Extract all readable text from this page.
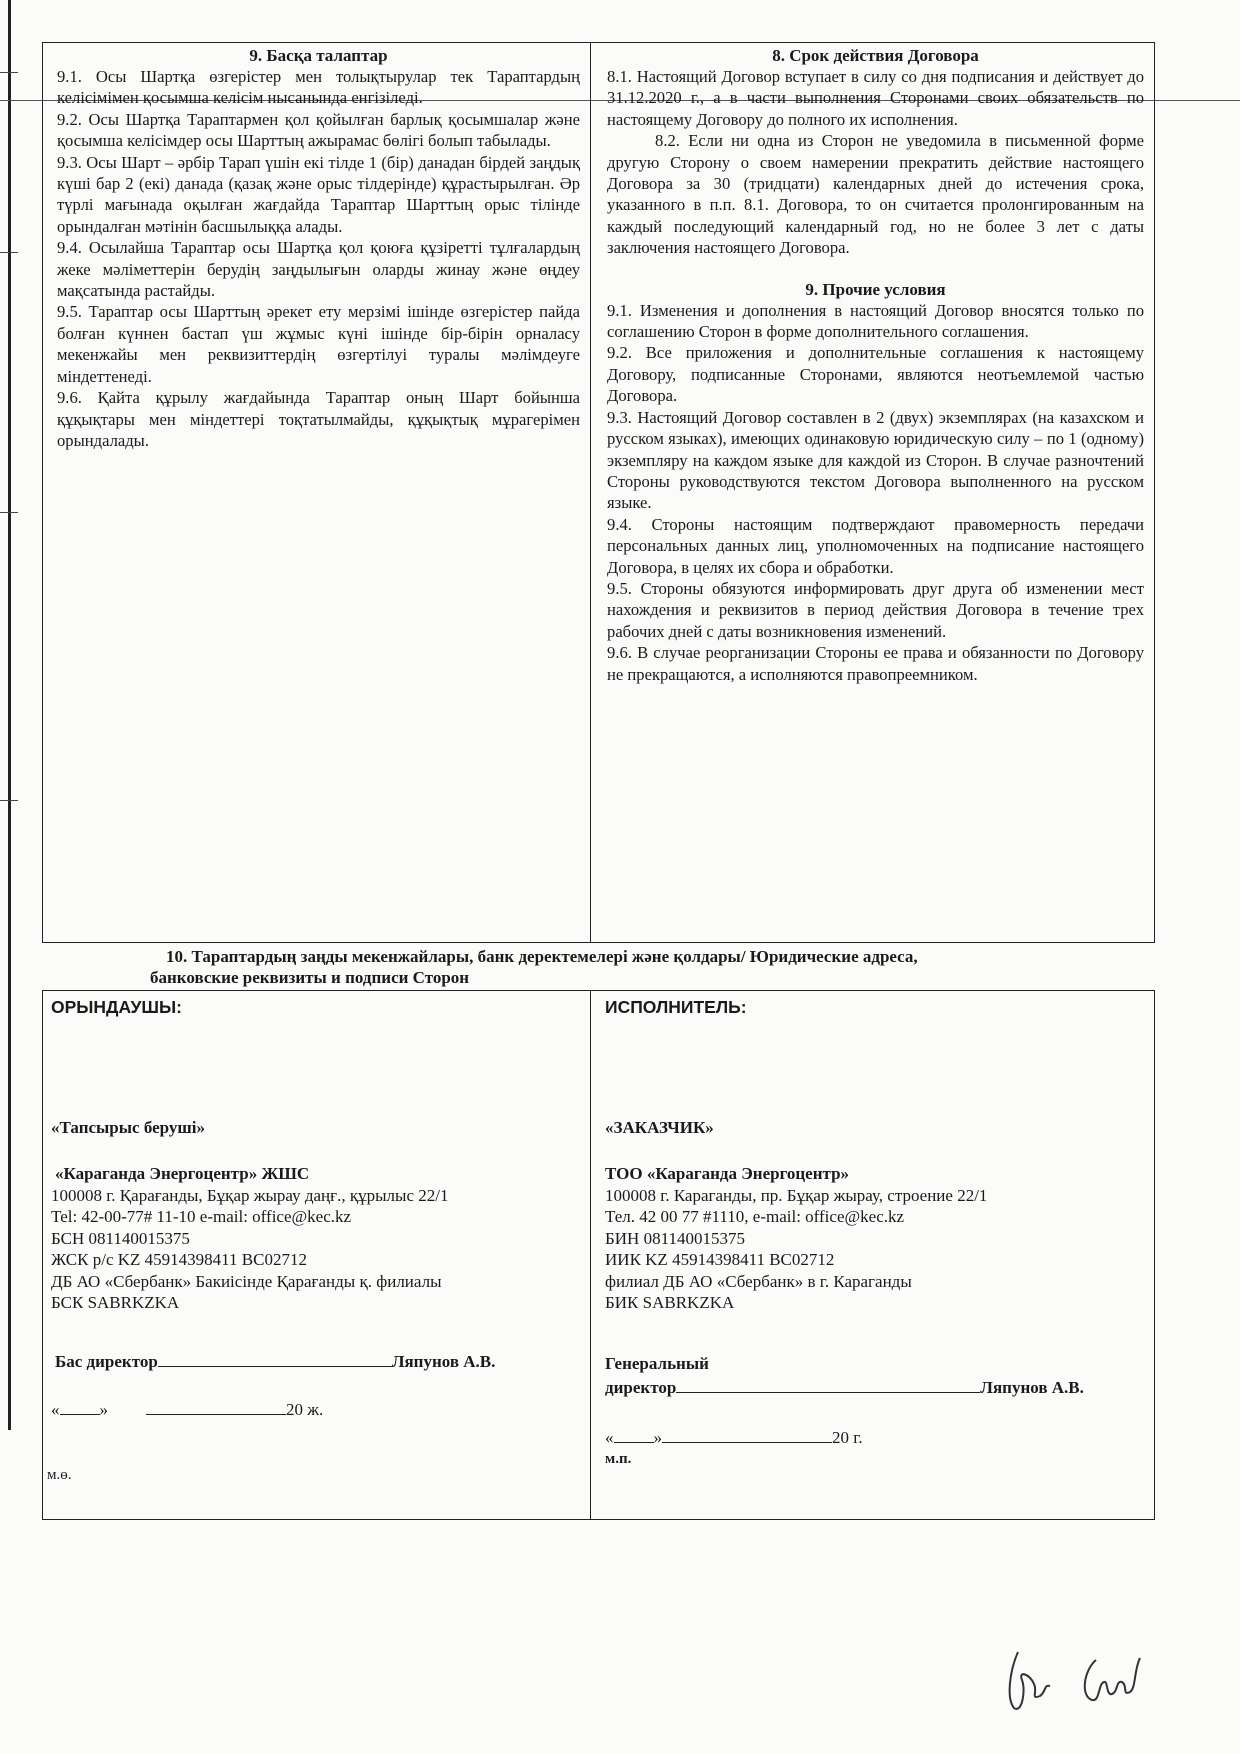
9. Басқа талаптар

9.1. Осы Шартқа өзгерістер мен толықтырулар тек Тараптардың келісімімен қосымша келісім нысанында енгізіледі.

9.2. Осы Шартқа Тараптармен қол қойылған барлық қосымшалар және қосымша келісімдер осы Шарттың ажырамас бөлігі болып табылады.

9.3. Осы Шарт – әрбір Тарап үшін екі тілде 1 (бір) данадан бірдей заңдық күші бар 2 (екі) данада (қазақ және орыс тілдерінде) құрастырылған. Әр түрлі мағынада оқылған жағдайда Тараптар Шарттың орыс тілінде орындалған мәтінін басшылыққа алады.

9.4. Осылайша Тараптар осы Шартқа қол қоюға құзіретті тұлғалардың жеке мәліметтерін берудің заңдылығын оларды жинау және өңдеу мақсатында растайды.

9.5. Тараптар осы Шарттың әрекет ету мерзімі ішінде өзгерістер пайда болған күннен бастап үш жұмыс күні ішінде бір-бірін орналасу мекенжайы мен реквизиттердің өзгертілуі туралы мәлімдеуге міндеттенеді.

9.6. Қайта құрылу жағдайында Тараптар оның Шарт бойынша құқықтары мен міндеттері тоқтатылмайды, құқықтық мұрагерімен орындалады.

8. Срок действия Договора

8.1. Настоящий Договор вступает в силу со дня подписания и действует до 31.12.2020 г., а в части выполнения Сторонами своих обязательств по настоящему Договору до полного их исполнения.

8.2. Если ни одна из Сторон не уведомила в письменной форме другую Сторону о своем намерении прекратить действие настоящего Договора за 30 (тридцати) календарных дней до истечения срока, указанного в п.п. 8.1. Договора, то он считается пролонгированным на каждый последующий календарный год, но не более 3 лет с даты заключения настоящего Договора.

9. Прочие условия

9.1. Изменения и дополнения в настоящий Договор вносятся только по соглашению Сторон в форме дополнительного соглашения.

9.2. Все приложения и дополнительные соглашения к настоящему Договору, подписанные Сторонами, являются неотъемлемой частью Договора.

9.3. Настоящий Договор составлен в 2 (двух) экземплярах (на казахском и русском языках), имеющих одинаковую юридическую силу – по 1 (одному) экземпляру на каждом языке для каждой из Сторон. В случае разночтений Стороны руководствуются текстом Договора выполненного на русском языке.

9.4. Стороны настоящим подтверждают правомерность передачи персональных данных лиц, уполномоченных на подписание настоящего Договора, в целях их сбора и обработки.

9.5. Стороны обязуются информировать друг друга об изменении мест нахождения и реквизитов в период действия Договора в течение трех рабочих дней с даты возникновения изменений.

9.6. В случае реорганизации Стороны ее права и обязанности по Договору не прекращаются, а исполняются правопреемником.

10. Тараптардың заңды мекенжайлары, банк деректемелері және қолдары/ Юридические адреса,
банковские реквизиты и подписи Сторон
ОРЫНДАУШЫ:
«Тапсырыс беруші»
«Караганда Энергоцентр» ЖШС
100008 г. Қарағанды, Бұқар жырау даңғ., құрылыс 22/1
Tel: 42-00-77# 11-10 e-mail: office@kec.kz
БСН 081140015375
ЖСК р/с KZ 45914398411 BC02712
ДБ АО «Сбербанк» Бакиісінде Қарағанды қ. филиалы
БСК SABRKZKA
Бас директор	Ляпунов А.В.
« »	20 ж.
м.ө.
ИСПОЛНИТЕЛЬ:
«ЗАКАЗЧИК»
ТОО «Караганда Энергоцентр»
100008 г. Караганды, пр. Бұқар жырау, строение 22/1
Тел. 42 00 77 #1110, e-mail: office@kec.kz
БИН 081140015375
ИИК KZ 45914398411 BC02712
филиал ДБ АО «Сбербанк» в г. Караганды
БИК SABRKZKA
Генеральный
директор	Ляпунов А.В.
« »	20 г.
м.п.
